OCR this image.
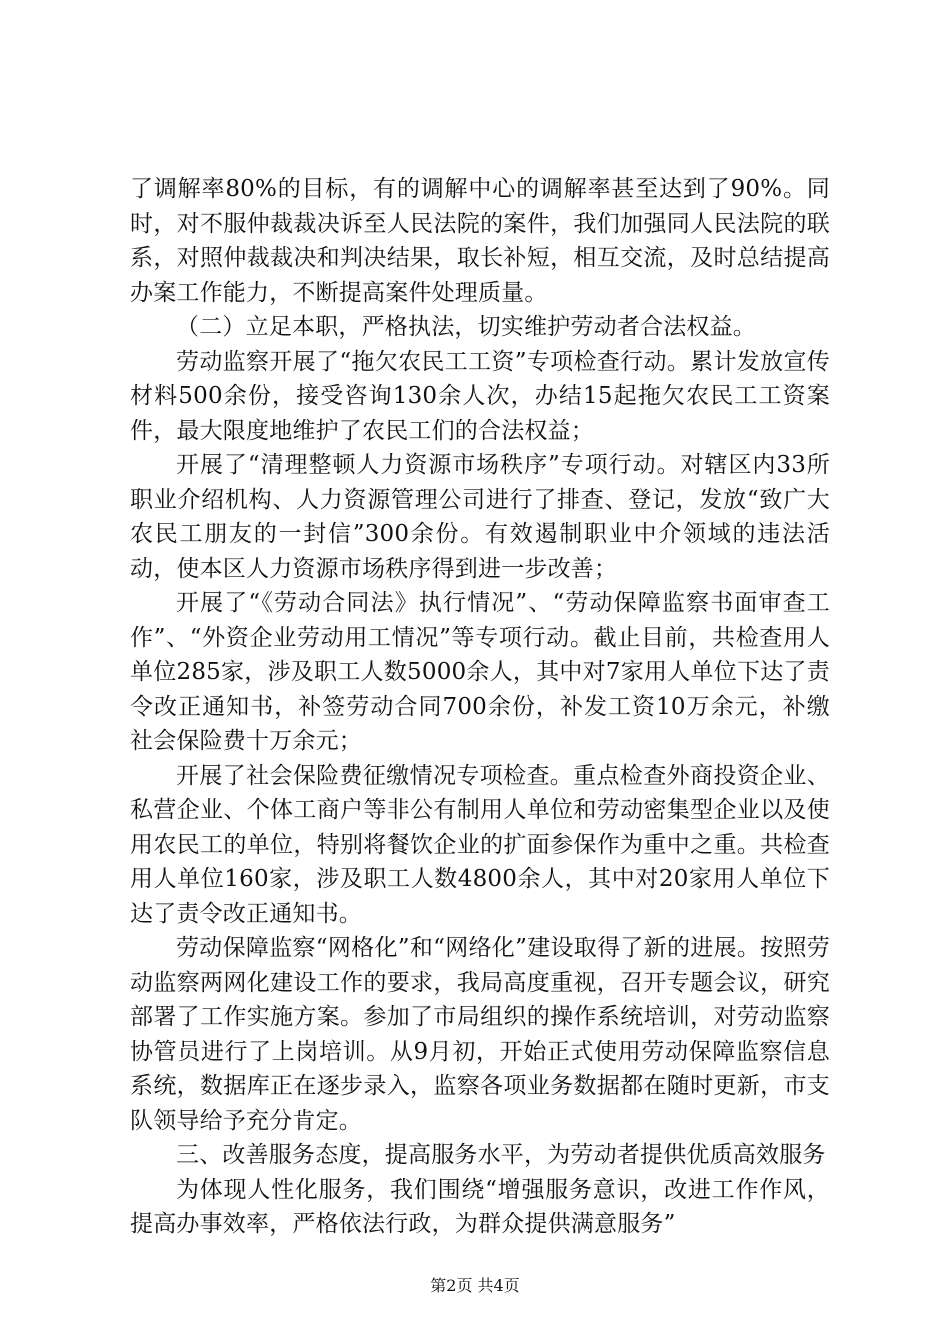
了调解率80%的目标，有的调解中心的调解率甚至达到了90%。同时，对不服仲裁裁决诉至人民法院的案件，我们加强同人民法院的联系，对照仲裁裁决和判决结果，取长补短，相互交流，及时总结提高办案工作能力，不断提高案件处理质量。

（二）立足本职，严格执法，切实维护劳动者合法权益。

劳动监察开展了“拖欠农民工工资”专项检查行动。累计发放宣传材料500余份，接受咨询130余人次，办结15起拖欠农民工工资案件，最大限度地维护了农民工们的合法权益；

开展了“清理整顿人力资源市场秩序”专项行动。对辖区内33所职业介绍机构、人力资源管理公司进行了排查、登记，发放“致广大农民工朋友的一封信”300余份。有效遏制职业中介领域的违法活动，使本区人力资源市场秩序得到进一步改善；

开展了“《劳动合同法》执行情况”、“劳动保障监察书面审查工作”、“外资企业劳动用工情况”等专项行动。截止目前，共检查用人单位285家，涉及职工人数5000余人，其中对7家用人单位下达了责令改正通知书，补签劳动合同700余份，补发工资10万余元，补缴社会保险费十万余元；

开展了社会保险费征缴情况专项检查。重点检查外商投资企业、私营企业、个体工商户等非公有制用人单位和劳动密集型企业以及使用农民工的单位，特别将餐饮企业的扩面参保作为重中之重。共检查用人单位160家，涉及职工人数4800余人，其中对20家用人单位下达了责令改正通知书。

劳动保障监察“网格化”和“网络化”建设取得了新的进展。按照劳动监察两网化建设工作的要求，我局高度重视，召开专题会议，研究部署了工作实施方案。参加了市局组织的操作系统培训，对劳动监察协管员进行了上岗培训。从9月初，开始正式使用劳动保障监察信息系统，数据库正在逐步录入，监察各项业务数据都在随时更新，市支队领导给予充分肯定。

三、改善服务态度，提高服务水平，为劳动者提供优质高效服务

为体现人性化服务，我们围绕“增强服务意识，改进工作作风，提高办事效率，严格依法行政，为群众提供满意服务”

第2页 共4页
